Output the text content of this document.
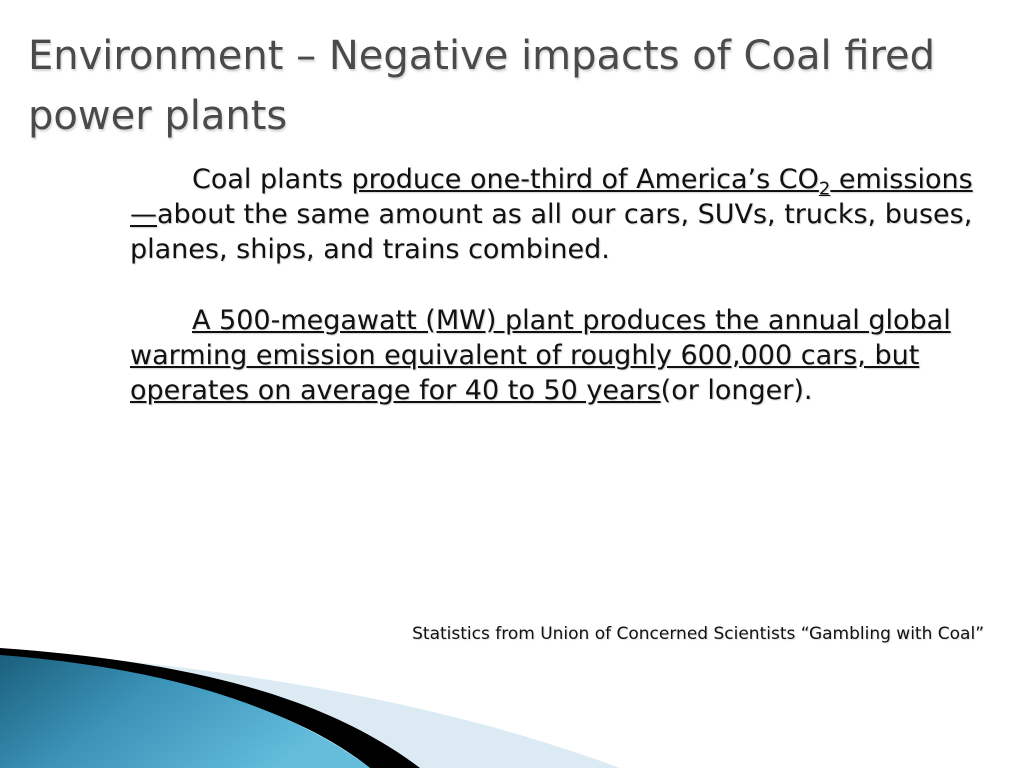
Environment – Negative impacts of Coal fired power plants

Coal plants produce one-third of America’s $CO_2$ emissions—about the same amount as all our cars, SUVs, trucks, buses, planes, ships, and trains combined.

A 500-megawatt (MW) plant produces the annual global warming emission equivalent of roughly 600,000 cars, but operates on average for 40 to 50 years(or longer).

Statistics from Union of Concerned Scientists “Gambling with Coal”
